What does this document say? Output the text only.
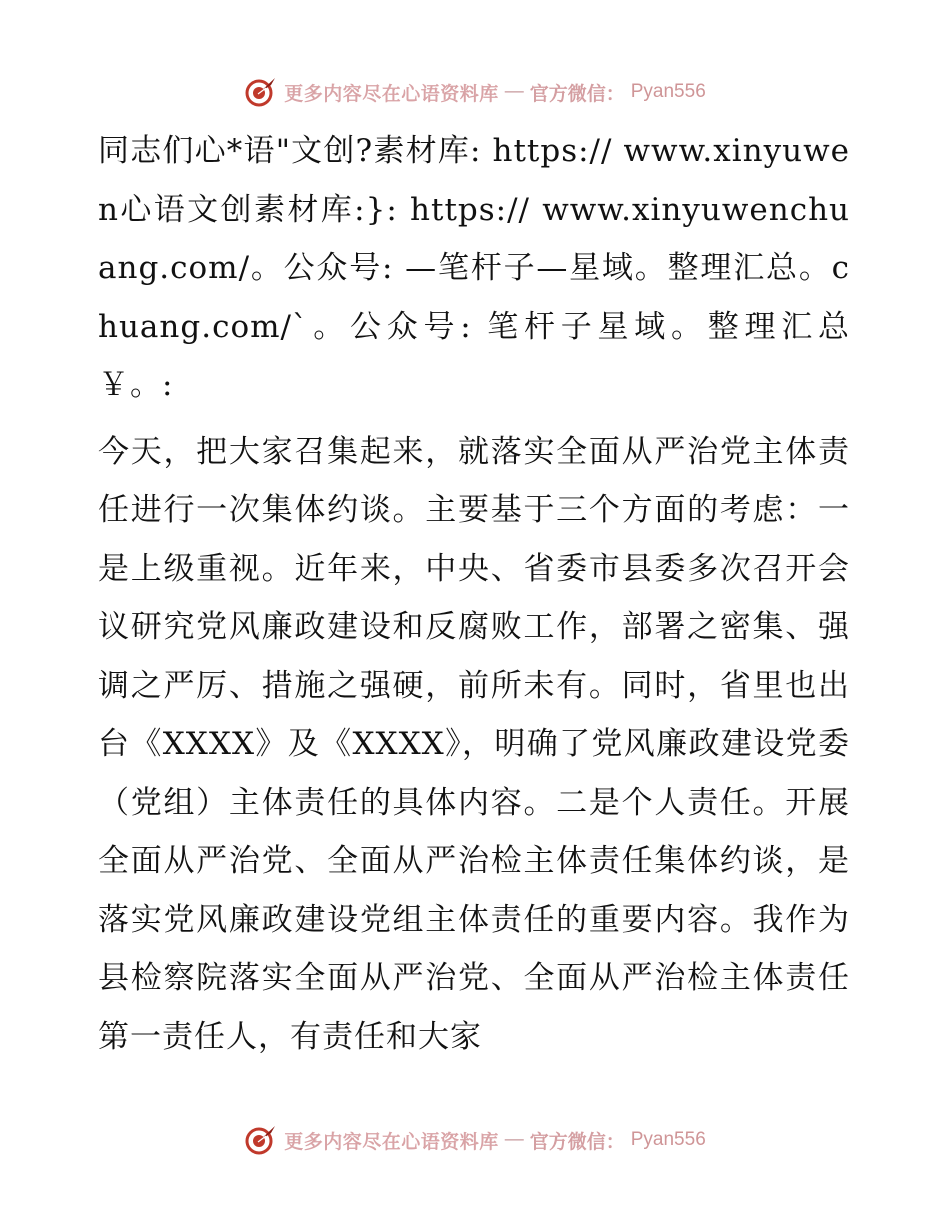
更多内容尽在心语资料库 — 官方微信： Pyan556

同志们心*语"文创?素材库: https:// www.xinyuwen心语文创素材库:}: https:// www.xinyuwenchuang.com/。公众号: —笔杆子—星域。整理汇总。chuang.com/`。公众号: 笔杆子星域。整理汇总￥。:

今天，把大家召集起来，就落实全面从严治党主体责任进行一次集体约谈。主要基于三个方面的考虑：一是上级重视。近年来，中央、省委市县委多次召开会议研究党风廉政建设和反腐败工作，部署之密集、强调之严厉、措施之强硬，前所未有。同时，省里也出台《XXXX》及《XXXX》，明确了党风廉政建设党委（党组）主体责任的具体内容。二是个人责任。开展全面从严治党、全面从严治检主体责任集体约谈，是落实党风廉政建设党组主体责任的重要内容。我作为县检察院落实全面从严治党、全面从严治检主体责任第一责任人，有责任和大家

更多内容尽在心语资料库 — 官方微信： Pyan556
